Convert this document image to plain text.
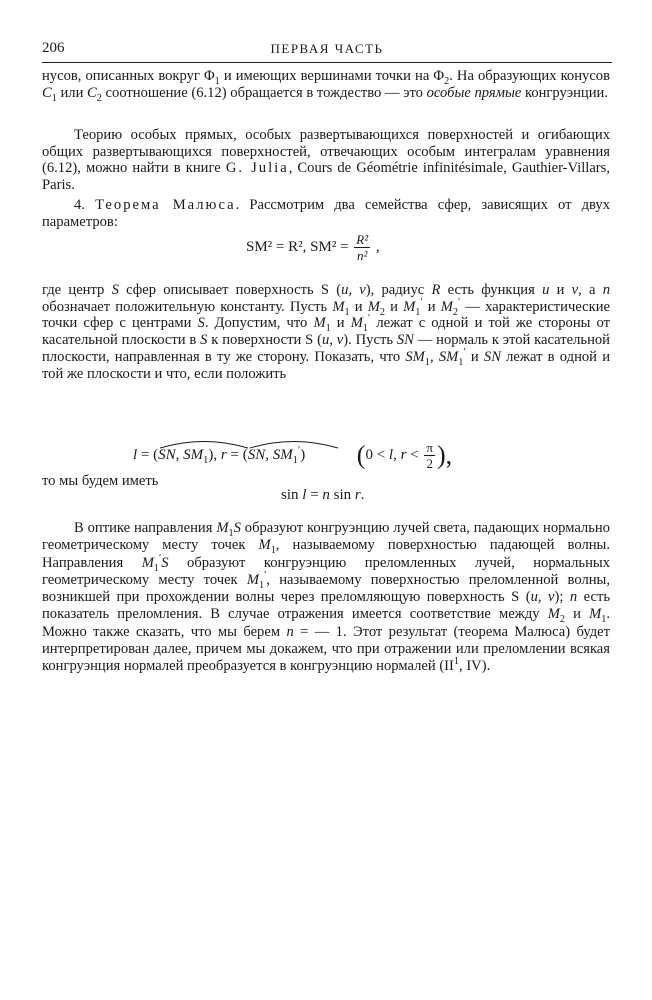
206	ПЕРВАЯ ЧАСТЬ
нусов, описанных вокруг $\Phi_1$ и имеющих вершинами точки на $\Phi_2$. На образующих конусов $C_1$ или $C_2$ соотношение (6.12) обращается в тождество — это особые прямые конгруэнции.
Теорию особых прямых, особых развертывающихся поверхностей и огибающих общих развертывающихся поверхностей, отвечающих особым интегралам уравнения (6.12), можно найти в книге G. Julia, Cours de Géométrie infinitésimale, Gauthier-Villars, Paris.
4. Теорема Малюса. Рассмотрим два семейства сфер, зависящих от двух параметров:
SM² = R², $SM^2 = \frac{\text{R²}}{\text{n²}}$ ,
где центр S сфер описывает поверхность S (u, v), радиус R есть функция u и v, а n обозначает положительную константу. Пусть $M_1$ и $M_2$ и $M_1'$ и $M_2'$ — характеристические точки сфер с центрами S. Допустим, что $M_1$ и $M_1'$ лежат с одной и той же стороны от касательной плоскости в S к поверхности S (u, v). Пусть SN — нормаль к этой касательной плоскости, направленная в ту же сторону. Показать, что $SM_1$, $SM_1'$ и SN лежат в одной и той же плоскости и что, если положить
l = (
SN, $SM_1$), r = (
SN, $SM_1'$) (0 < l, $r < \frac{\pi}{2}$ ),
то мы будем иметь
sin l = n sin r.
В оптике направления $M_1S$ образуют конгруэнцию лучей света, падающих нормально геометрическому месту точек $M_1$, называемому поверхностью падающей волны. Направления $M_1'S$ образуют конгруэнцию преломленных лучей, нормальных геометрическому месту точек $M_1'$, называемому поверхностью преломленной волны, возникшей при прохождении волны через преломляющую поверхность S (u, v); n есть показатель преломления. В случае отражения имеется соответствие между $M_2$ и $M_1$. Можно также сказать, что мы берем n = — 1. Этот результат (теорема Малюса) будет интерпретирован далее, причем мы докажем, что при отражении или преломлении всякая конгруэнция нормалей преобразуется в конгруэнцию нормалей ($II^1$, IV).
